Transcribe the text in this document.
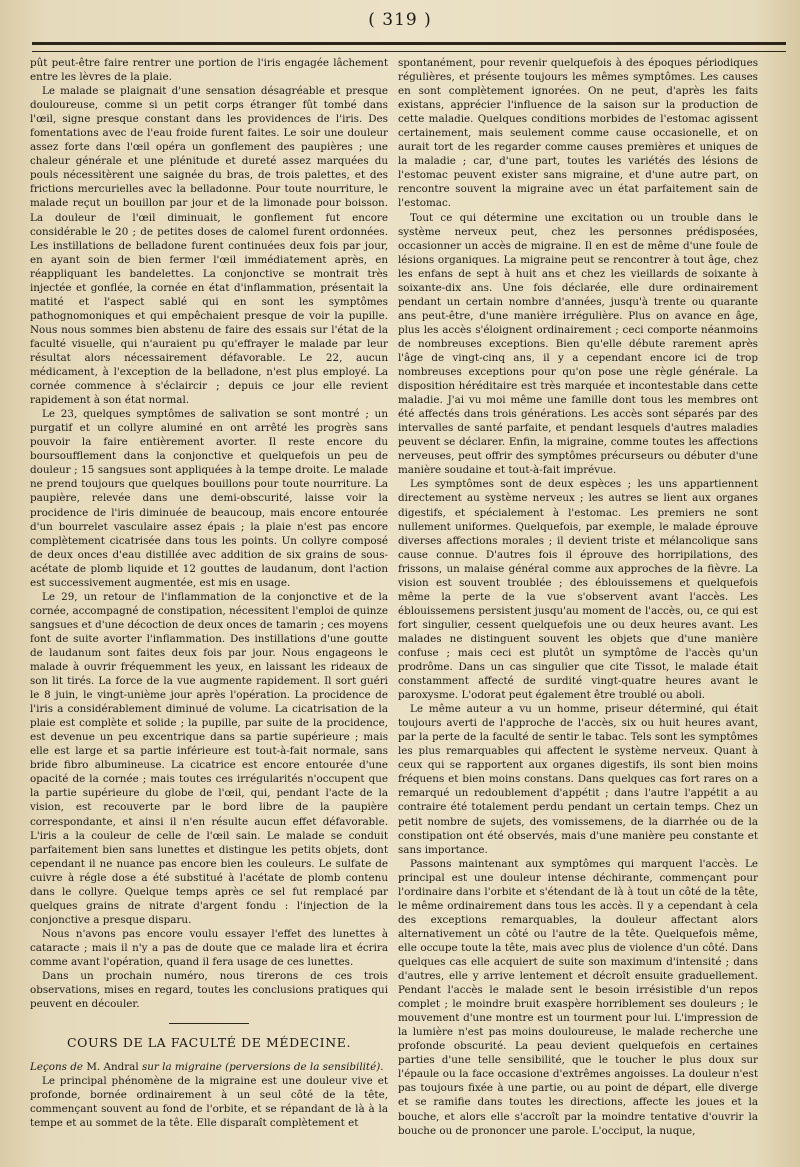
( 319 )

pût peut-être faire rentrer une portion de l'iris engagée lâchement entre les lèvres de la plaie.

Le malade se plaignait d'une sensation désagréable et presque douloureuse, comme si un petit corps étranger fût tombé dans l'œil, signe presque constant dans les providences de l'iris. Des fomentations avec de l'eau froide furent faites. Le soir une douleur assez forte dans l'œil opéra un gonflement des paupières ; une chaleur générale et une plénitude et dureté assez marquées du pouls nécessitèrent une saignée du bras, de trois palettes, et des frictions mercurielles avec la belladonne. Pour toute nourriture, le malade reçut un bouillon par jour et de la limonade pour boisson. La douleur de l'œil diminuait, le gonflement fut encore considérable le 20 ; de petites doses de calomel furent ordonnées. Les instillations de belladone furent continuées deux fois par jour, en ayant soin de bien fermer l'œil immédiatement après, en réappliquant les bandelettes. La conjonctive se montrait très injectée et gonflée, la cornée en état d'inflammation, présentait la matité et l'aspect sablé qui en sont les symptômes pathognomoniques et qui empêchaient presque de voir la pupille. Nous nous sommes bien abstenu de faire des essais sur l'état de la faculté visuelle, qui n'auraient pu qu'effrayer le malade par leur résultat alors nécessairement défavorable. Le 22, aucun médicament, à l'exception de la belladone, n'est plus employé. La cornée commence à s'éclaircir ; depuis ce jour elle revient rapidement à son état normal.

Le 23, quelques symptômes de salivation se sont montré ; un purgatif et un collyre aluminé en ont arrêté les progrès sans pouvoir la faire entièrement avorter. Il reste encore du boursoufflement dans la conjonctive et quelquefois un peu de douleur ; 15 sangsues sont appliquées à la tempe droite. Le malade ne prend toujours que quelques bouillons pour toute nourriture. La paupière, relevée dans une demi-obscurité, laisse voir la procidence de l'iris diminuée de beaucoup, mais encore entourée d'un bourrelet vasculaire assez épais ; la plaie n'est pas encore complètement cicatrisée dans tous les points. Un collyre composé de deux onces d'eau distillée avec addition de six grains de sous-acétate de plomb liquide et 12 gouttes de laudanum, dont l'action est successivement augmentée, est mis en usage.

Le 29, un retour de l'inflammation de la conjonctive et de la cornée, accompagné de constipation, nécessitent l'emploi de quinze sangsues et d'une décoction de deux onces de tamarin ; ces moyens font de suite avorter l'inflammation. Des instillations d'une goutte de laudanum sont faites deux fois par jour. Nous engageons le malade à ouvrir fréquemment les yeux, en laissant les rideaux de son lit tirés. La force de la vue augmente rapidement. Il sort guéri le 8 juin, le vingt-unième jour après l'opération. La procidence de l'iris a considérablement diminué de volume. La cicatrisation de la plaie est complète et solide ; la pupille, par suite de la procidence, est devenue un peu excentrique dans sa partie supérieure ; mais elle est large et sa partie inférieure est tout-à-fait normale, sans bride fibro albumineuse. La cicatrice est encore entourée d'une opacité de la cornée ; mais toutes ces irrégularités n'occupent que la partie supérieure du globe de l'œil, qui, pendant l'acte de la vision, est recouverte par le bord libre de la paupière correspondante, et ainsi il n'en résulte aucun effet défavorable. L'iris a la couleur de celle de l'œil sain. Le malade se conduit parfaitement bien sans lunettes et distingue les petits objets, dont cependant il ne nuance pas encore bien les couleurs. Le sulfate de cuivre à régle dose a été substitué à l'acétate de plomb contenu dans le collyre. Quelque temps après ce sel fut remplacé par quelques grains de nitrate d'argent fondu : l'injection de la conjonctive a presque disparu.

Nous n'avons pas encore voulu essayer l'effet des lunettes à cataracte ; mais il n'y a pas de doute que ce malade lira et écrira comme avant l'opération, quand il fera usage de ces lunettes.

Dans un prochain numéro, nous tirerons de ces trois observations, mises en regard, toutes les conclusions pratiques qui peuvent en découler.

COURS DE LA FACULTÉ DE MÉDECINE.

Leçons de M. Andral sur la migraine (perversions de la sensibilité).

Le principal phénomène de la migraine est une douleur vive et profonde, bornée ordinairement à un seul côté de la tête, commençant souvent au fond de l'orbite, et se répandant de là à la tempe et au sommet de la tête. Elle disparaît complètement et

spontanément, pour revenir quelquefois à des époques périodiques régulières, et présente toujours les mêmes symptômes. Les causes en sont complètement ignorées. On ne peut, d'après les faits existans, apprécier l'influence de la saison sur la production de cette maladie. Quelques conditions morbides de l'estomac agissent certainement, mais seulement comme cause occasionelle, et on aurait tort de les regarder comme causes premières et uniques de la maladie ; car, d'une part, toutes les variétés des lésions de l'estomac peuvent exister sans migraine, et d'une autre part, on rencontre souvent la migraine avec un état parfaitement sain de l'estomac.

Tout ce qui détermine une excitation ou un trouble dans le système nerveux peut, chez les personnes prédisposées, occasionner un accès de migraine. Il en est de même d'une foule de lésions organiques. La migraine peut se rencontrer à tout âge, chez les enfans de sept à huit ans et chez les vieillards de soixante à soixante-dix ans. Une fois déclarée, elle dure ordinairement pendant un certain nombre d'années, jusqu'à trente ou quarante ans peut-être, d'une manière irrégulière. Plus on avance en âge, plus les accès s'éloignent ordinairement ; ceci comporte néanmoins de nombreuses exceptions. Bien qu'elle débute rarement après l'âge de vingt-cinq ans, il y a cependant encore ici de trop nombreuses exceptions pour qu'on pose une règle générale. La disposition héréditaire est très marquée et incontestable dans cette maladie. J'ai vu moi même une famille dont tous les membres ont été affectés dans trois générations. Les accès sont séparés par des intervalles de santé parfaite, et pendant lesquels d'autres maladies peuvent se déclarer. Enfin, la migraine, comme toutes les affections nerveuses, peut offrir des symptômes précurseurs ou débuter d'une manière soudaine et tout-à-fait imprévue.

Les symptômes sont de deux espèces ; les uns appartiennent directement au système nerveux ; les autres se lient aux organes digestifs, et spécialement à l'estomac. Les premiers ne sont nullement uniformes. Quelquefois, par exemple, le malade éprouve diverses affections morales ; il devient triste et mélancolique sans cause connue. D'autres fois il éprouve des horripilations, des frissons, un malaise général comme aux approches de la fièvre. La vision est souvent troublée ; des éblouissemens et quelquefois même la perte de la vue s'observent avant l'accès. Les éblouissemens persistent jusqu'au moment de l'accès, ou, ce qui est fort singulier, cessent quelquefois une ou deux heures avant. Les malades ne distinguent souvent les objets que d'une manière confuse ; mais ceci est plutôt un symptôme de l'accès qu'un prodrôme. Dans un cas singulier que cite Tissot, le malade était constamment affecté de surdité vingt-quatre heures avant le paroxysme. L'odorat peut également être troublé ou aboli.

Le même auteur a vu un homme, priseur déterminé, qui était toujours averti de l'approche de l'accès, six ou huit heures avant, par la perte de la faculté de sentir le tabac. Tels sont les symptômes les plus remarquables qui affectent le système nerveux. Quant à ceux qui se rapportent aux organes digestifs, ils sont bien moins fréquens et bien moins constans. Dans quelques cas fort rares on a remarqué un redoublement d'appétit ; dans l'autre l'appétit a au contraire été totalement perdu pendant un certain temps. Chez un petit nombre de sujets, des vomissemens, de la diarrhée ou de la constipation ont été observés, mais d'une manière peu constante et sans importance.

Passons maintenant aux symptômes qui marquent l'accès. Le principal est une douleur intense déchirante, commençant pour l'ordinaire dans l'orbite et s'étendant de là à tout un côté de la tête, le même ordinairement dans tous les accès. Il y a cependant à cela des exceptions remarquables, la douleur affectant alors alternativement un côté ou l'autre de la tête. Quelquefois même, elle occupe toute la tête, mais avec plus de violence d'un côté. Dans quelques cas elle acquiert de suite son maximum d'intensité ; dans d'autres, elle y arrive lentement et décroît ensuite graduellement. Pendant l'accès le malade sent le besoin irrésistible d'un repos complet ; le moindre bruit exaspère horriblement ses douleurs ; le mouvement d'une montre est un tourment pour lui. L'impression de la lumière n'est pas moins douloureuse, le malade recherche une profonde obscurité. La peau devient quelquefois en certaines parties d'une telle sensibilité, que le toucher le plus doux sur l'épaule ou la face occasione d'extrêmes angoisses. La douleur n'est pas toujours fixée à une partie, ou au point de départ, elle diverge et se ramifie dans toutes les directions, affecte les joues et la bouche, et alors elle s'accroît par la moindre tentative d'ouvrir la bouche ou de prononcer une parole. L'occiput, la nuque,
